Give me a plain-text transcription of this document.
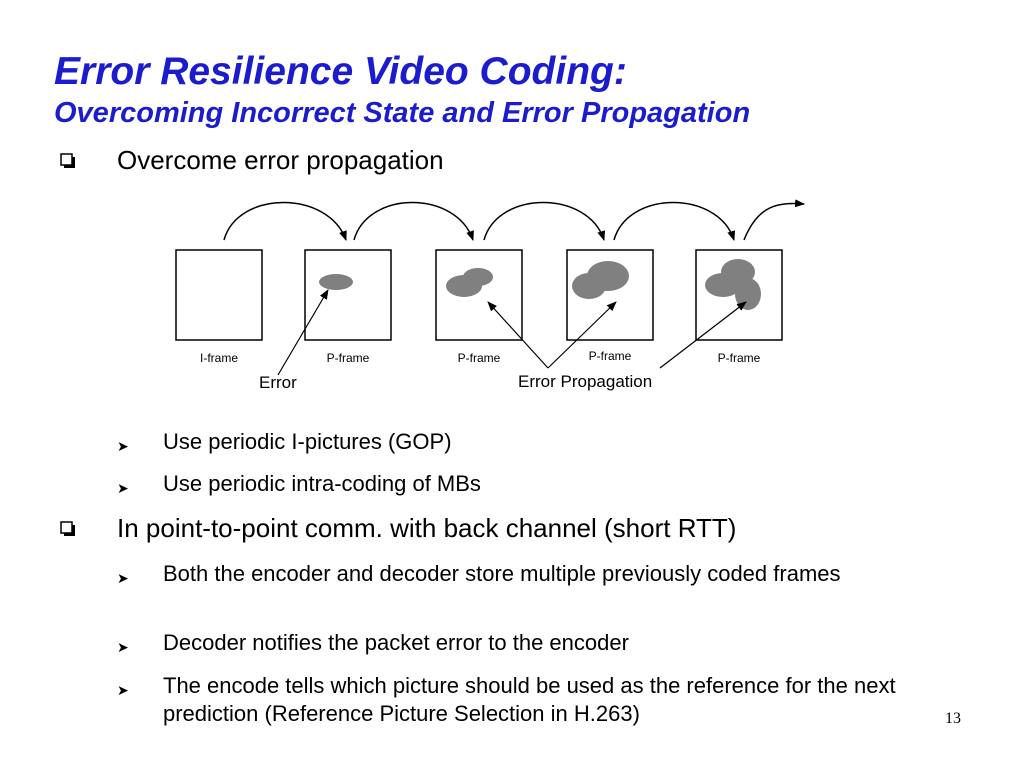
Error Resilience Video Coding:
Overcoming Incorrect State and Error Propagation
Overcome error propagation
I-frame	P-frame	P-frame	P-frame	P-frame
Error	Error Propagation
➤ Use periodic I-pictures (GOP)
➤ Use periodic intra-coding of MBs
In point-to-point comm. with back channel (short RTT)
➤ Both the encoder and decoder store multiple previously coded frames
➤ Decoder notifies the packet error to the encoder
➤ The encode tells which picture should be used as the reference for the next prediction (Reference Picture Selection in H.263)	13
